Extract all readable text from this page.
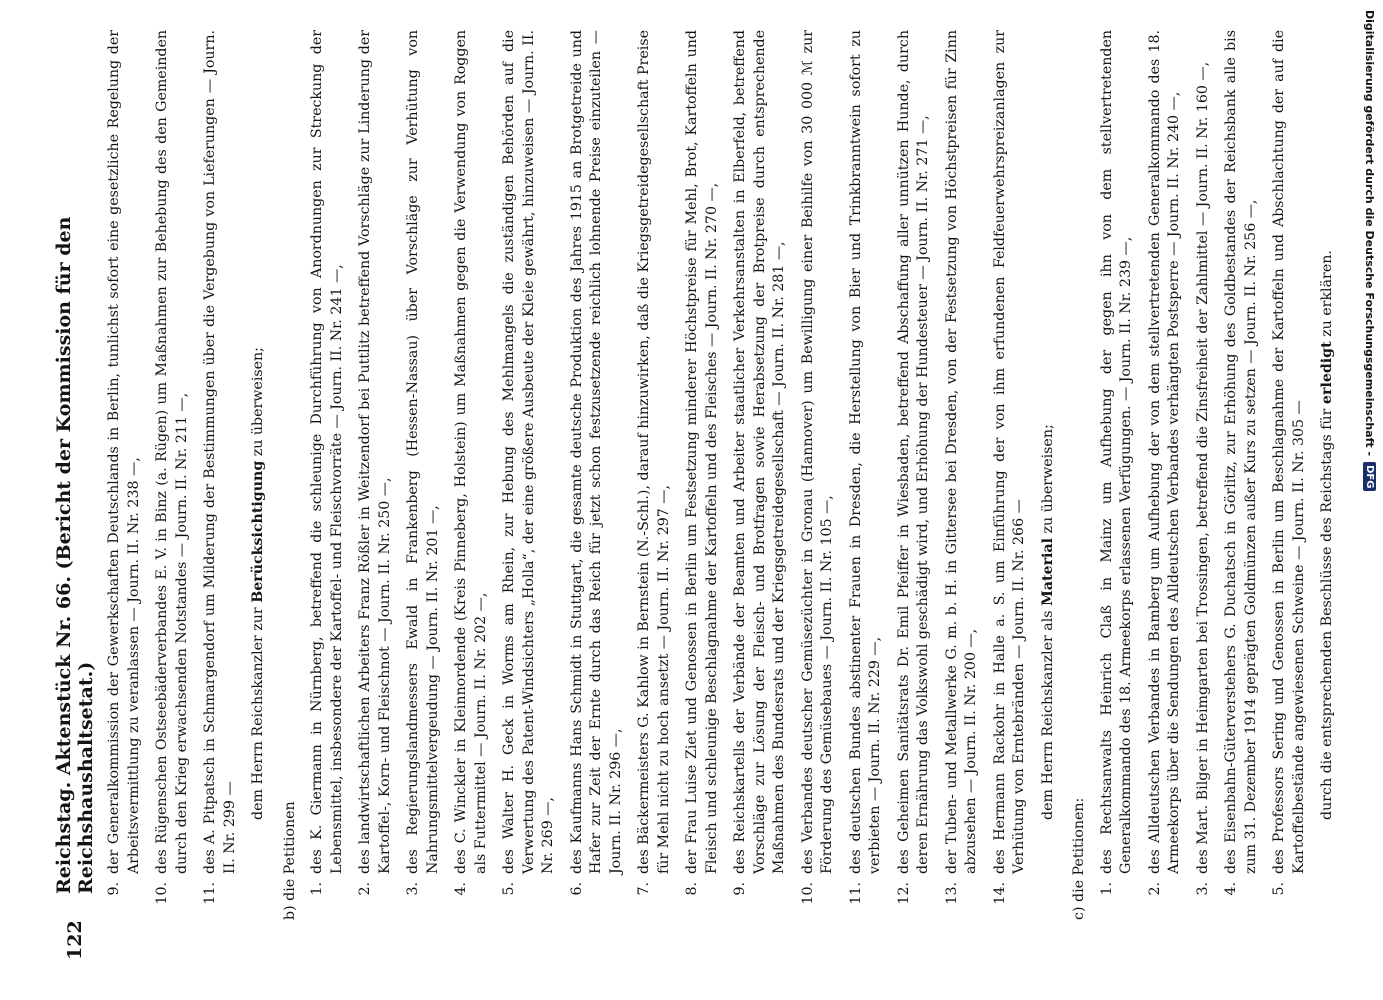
122
Reichstag. Aktenstück Nr. 66. (Bericht der Kommission für den Reichshaushaltsetat.) 9.
der Generalkommission der Gewerkschaften Deutschlands in Berlin, tunlichst sofort eine gesetzliche Regelung der Arbeitsvermittlung zu veranlassen — Journ. II. Nr. 238 —,
10.
des Rügenschen Ostseebäderverbandes E. V. in Binz (a. Rügen) um Maßnahmen zur Behebung des den Gemeinden durch den Krieg erwachsenden Notstandes — Journ. II. Nr. 211 —,
11.
des A. Pitpatsch in Schmargendorf um Milderung der Bestimmungen über die Vergebung von Lieferungen — Journ. II. Nr. 299 —
dem Herrn Reichskanzler zur Berücksichtigung zu überweisen;
b) die Petitionen 1.
des K. Giermann in Nürnberg, betreffend die schleunige Durchführung von Anordnungen zur Streckung der Lebensmittel, insbesondere der Kartoffel- und Fleischvorräte — Journ. II. Nr. 241 —,
2.
des landwirtschaftlichen Arbeiters Franz Rößler in Weitzendorf bei Puttlitz betreffend Vorschläge zur Linderung der Kartoffel-, Korn- und Fleischnot — Journ. II. Nr. 250 —,
3.
des Regierungslandmessers Ewald in Frankenberg (Hessen-Nassau) über Vorschläge zur Verhütung von Nahrungsmittelvergeudung — Journ. II. Nr. 201 —,
4.
des C. Winckler in Kleinnordende (Kreis Pinneberg, Holstein) um Maßnahmen gegen die Verwendung von Roggen als Futtermittel — Journ. II. Nr. 202 —,
5.
des Walter H. Geck in Worms am Rhein, zur Hebung des Mehlmangels die zuständigen Behörden auf die Verwertung des Patent-Windsichters „Holla“, der eine größere Ausbeute der Kleie gewährt, hinzuweisen — Journ. II. Nr. 269 —,
6.
des Kaufmanns Hans Schmidt in Stuttgart, die gesamte deutsche Produktion des Jahres 1915 an Brotgetreide und Hafer zur Zeit der Ernte durch das Reich für jetzt schon festzusetzende reichlich lohnende Preise einzuteilen — Journ. II. Nr. 296 —,
7.
des Bäckermeisters G. Kahlow in Bernstein (N.-Schl.), darauf hinzuwirken, daß die Kriegsgetreidegesellschaft Preise für Mehl nicht zu hoch ansetzt — Journ. II. Nr. 297 —,
8.
der Frau Luise Ziet und Genossen in Berlin um Festsetzung minderer Höchstpreise für Mehl, Brot, Kartoffeln und Fleisch und schleunige Beschlagnahme der Kartoffeln und des Fleisches — Journ. II. Nr. 270 —,
9.
des Reichskartells der Verbände der Beamten und Arbeiter staatlicher Verkehrsanstalten in Elberfeld, betreffend Vorschläge zur Lösung der Fleisch- und Brotfragen sowie Herabsetzung der Brotpreise durch entsprechende Maßnahmen des Bundesrats und der Kriegsgetreidegesellschaft — Journ. II. Nr. 281 —,
10.
des Verbandes deutscher Gemüsezüchter in Gronau (Hannover) um Bewilligung einer Beihilfe von 30 000 ℳ zur Förderung des Gemüsebaues — Journ. II. Nr. 105 —,
11.
des deutschen Bundes abstinenter Frauen in Dresden, die Herstellung von Bier und Trinkbranntwein sofort zu verbieten — Journ. II. Nr. 229 —,
12.
des Geheimen Sanitätsrats Dr. Emil Pfeiffer in Wiesbaden, betreffend Abschaffung aller unnützen Hunde, durch deren Ernährung das Volkswohl geschädigt wird, und Erhöhung der Hundesteuer — Journ. II. Nr. 271 —,
13.
der Tuben- und Metallwerke G. m. b. H. in Gittersee bei Dresden, von der Festsetzung von Höchstpreisen für Zinn abzusehen — Journ. II. Nr. 200 —,
14.
des Hermann Rackohr in Halle a. S. um Einführung der von ihm erfundenen Feldfeuerwehrspreizanlagen zur Verhütung von Erntebränden — Journ. II. Nr. 266 — dem Herrn Reichskanzler als Material zu überweisen;
c) die Petitionen: 1.
des Rechtsanwalts Heinrich Claß in Mainz um Aufhebung der gegen ihn von dem stellvertretenden Generalkommando des 18. Armeekorps erlassenen Verfügungen. — Journ. II. Nr. 239 —,
2.
des Alldeutschen Verbandes in Bamberg um Aufhebung der von dem stellvertretenden Generalkommando des 18. Armeekorps über die Sendungen des Alldeutschen Verbandes verhängten Postsperre — Journ. II. Nr. 240 —,
3.
des Mart. Bilger in Heimgarten bei Trossingen, betreffend die Zinsfreiheit der Zahlmittel — Journ. II. Nr. 160 —,
4.
des Eisenbahn-Güterverstehers G. Duchatsch in Görlitz, zur Erhöhung des Goldbestandes der Reichsbank alle bis zum 31. Dezember 1914 geprägten Goldmünzen außer Kurs zu setzen — Journ. II. Nr. 256 —,
5.
des Professors Sering und Genossen in Berlin um Beschlagnahme der Kartoffeln und Abschlachtung der auf die Kartoffelbestände angewiesenen Schweine — Journ. II. Nr. 305 — durch die entsprechenden Beschlüsse des Reichstags für erledigt zu erklären.	Digitalisierung gefördert durch die Deutsche Forschungsgemeinschaft -
DFG
